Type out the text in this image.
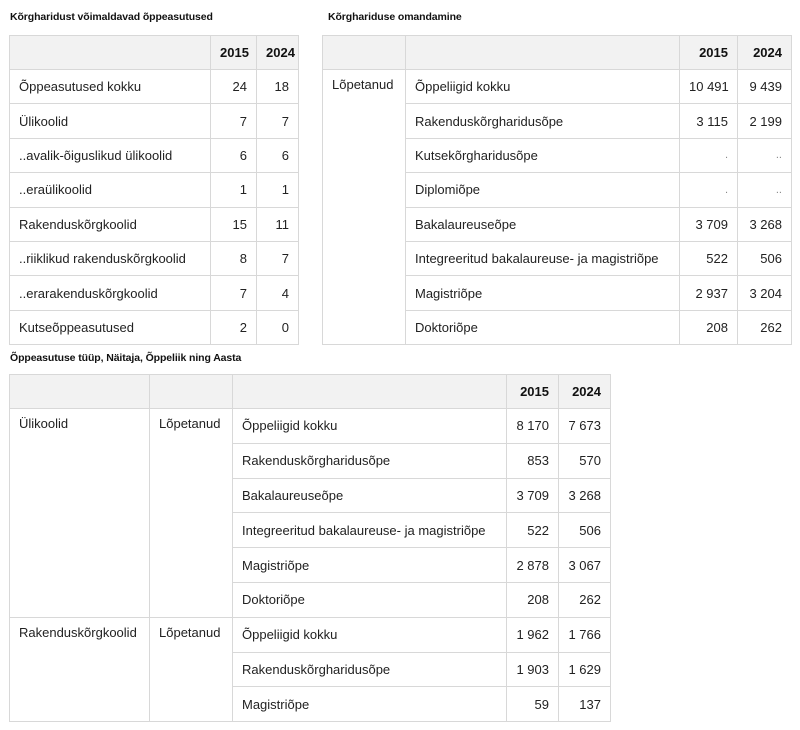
Kõrgharidust võimaldavad õppeasutused
	2015	2024
Õppeasutused kokku	24	18
Ülikoolid	7	7
..avalik-õiguslikud ülikoolid	6	6
..eraülikoolid	1	1
Rakenduskõrgkoolid	15	11
..riiklikud rakenduskõrgkoolid	8	7
..erarakenduskõrgkoolid	7	4
Kutseõppeasutused	2	0
Kõrghariduse omandamine
		2015	2024
Lõpetanud	Õppeliigid kokku	10 491	9 439
	Rakenduskõrgharidusõpe	3 115	2 199
	Kutsekõrgharidusõpe	.	..
	Diplomiõpe	.	..
	Bakalaureuseõpe	3 709	3 268
	Integreeritud bakalaureuse- ja magistriõpe	522	506
	Magistriõpe	2 937	3 204
	Doktoriõpe	208	262
Õppeasutuse tüüp, Näitaja, Õppeliik ning Aasta
			2015	2024
Ülikoolid	Lõpetanud	Õppeliigid kokku	8 170	7 673
		Rakenduskõrgharidusõpe	853	570
		Bakalaureuseõpe	3 709	3 268
		Integreeritud bakalaureuse- ja magistriõpe	522	506
		Magistriõpe	2 878	3 067
		Doktoriõpe	208	262
Rakenduskõrgkoolid	Lõpetanud	Õppeliigid kokku	1 962	1 766
		Rakenduskõrgharidusõpe	1 903	1 629
		Magistriõpe	59	137
